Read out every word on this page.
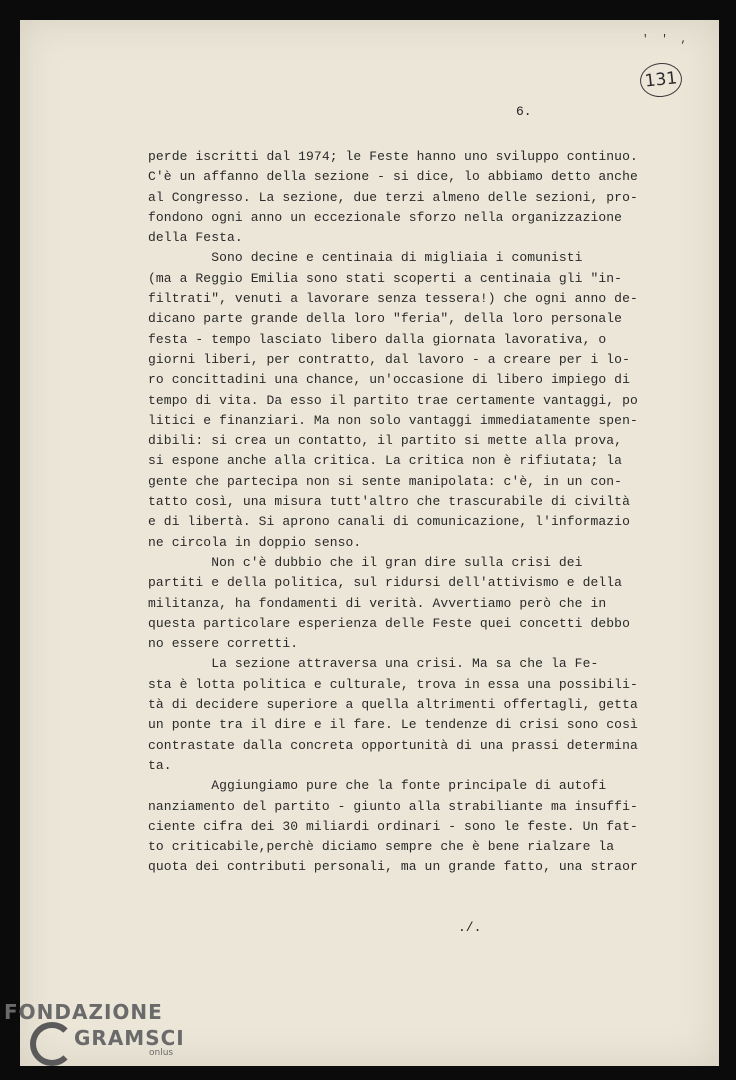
' ' ,
131
6.
perde iscritti dal 1974; le Feste hanno uno sviluppo continuo.
C'è un affanno della sezione - si dice, lo abbiamo detto anche
al Congresso. La sezione, due terzi almeno delle sezioni, pro-
fondono ogni anno un eccezionale sforzo nella organizzazione
della Festa.
Sono decine e centinaia di migliaia i comunisti
(ma a Reggio Emilia sono stati scoperti a centinaia gli "in-
filtrati", venuti a lavorare senza tessera!) che ogni anno de-
dicano parte grande della loro "feria", della loro personale
festa - tempo lasciato libero dalla giornata lavorativa, o
giorni liberi, per contratto, dal lavoro - a creare per i lo-
ro concittadini una chance, un'occasione di libero impiego di
tempo di vita. Da esso il partito trae certamente vantaggi, po
litici e finanziari. Ma non solo vantaggi immediatamente spen-
dibili: si crea un contatto, il partito si mette alla prova,
si espone anche alla critica. La critica non è rifiutata; la
gente che partecipa non si sente manipolata: c'è, in un con-
tatto così, una misura tutt'altro che trascurabile di civiltà
e di libertà. Si aprono canali di comunicazione, l'informazio
ne circola in doppio senso.
Non c'è dubbio che il gran dire sulla crisi dei
partiti e della politica, sul ridursi dell'attivismo e della
militanza, ha fondamenti di verità. Avvertiamo però che in
questa particolare esperienza delle Feste quei concetti debbo
no essere corretti.
La sezione attraversa una crisi. Ma sa che la Fe-
sta è lotta politica e culturale, trova in essa una possibili-
tà di decidere superiore a quella altrimenti offertagli, getta
un ponte tra il dire e il fare. Le tendenze di crisi sono così
contrastate dalla concreta opportunità di una prassi determina
ta.
Aggiungiamo pure che la fonte principale di autofi
nanziamento del partito - giunto alla strabiliante ma insuffi-
ciente cifra dei 30 miliardi ordinari - sono le feste. Un fat-
to criticabile,perchè diciamo sempre che è bene rialzare la
quota dei contributi personali, ma un grande fatto, una straor
./.
FONDAZIONE
GRAMSCI
onlus
